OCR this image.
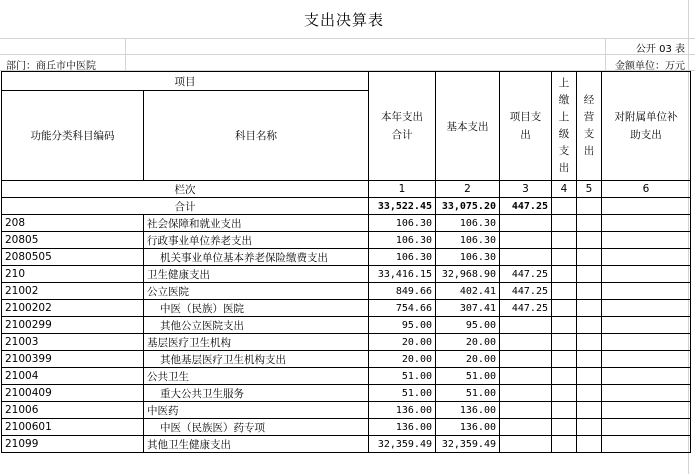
支出决算表
公开 03 表
部门：商丘市中医院	金额单位：万元
项目		本年支出合计	基本支出	项目支出	上缴上级支出	经营支出	对附属单位补助支出
功能分类科目编码	科目名称						
栏次		1	2	3	4	5	6
合计		33,522.45	33,075.20	447.25			
208	社会保障和就业支出	106.30	106.30				
20805	行政事业单位养老支出	106.30	106.30				
2080505	机关事业单位基本养老保险缴费支出	106.30	106.30				
210	卫生健康支出	33,416.15	32,968.90	447.25			
21002	公立医院	849.66	402.41	447.25			
2100202	中医（民族）医院	754.66	307.41	447.25			
2100299	其他公立医院支出	95.00	95.00				
21003	基层医疗卫生机构	20.00	20.00				
2100399	其他基层医疗卫生机构支出	20.00	20.00				
21004	公共卫生	51.00	51.00				
2100409	重大公共卫生服务	51.00	51.00				
21006	中医药	136.00	136.00				
2100601	中医（民族医）药专项	136.00	136.00				
21099	其他卫生健康支出	32,359.49	32,359.49				
